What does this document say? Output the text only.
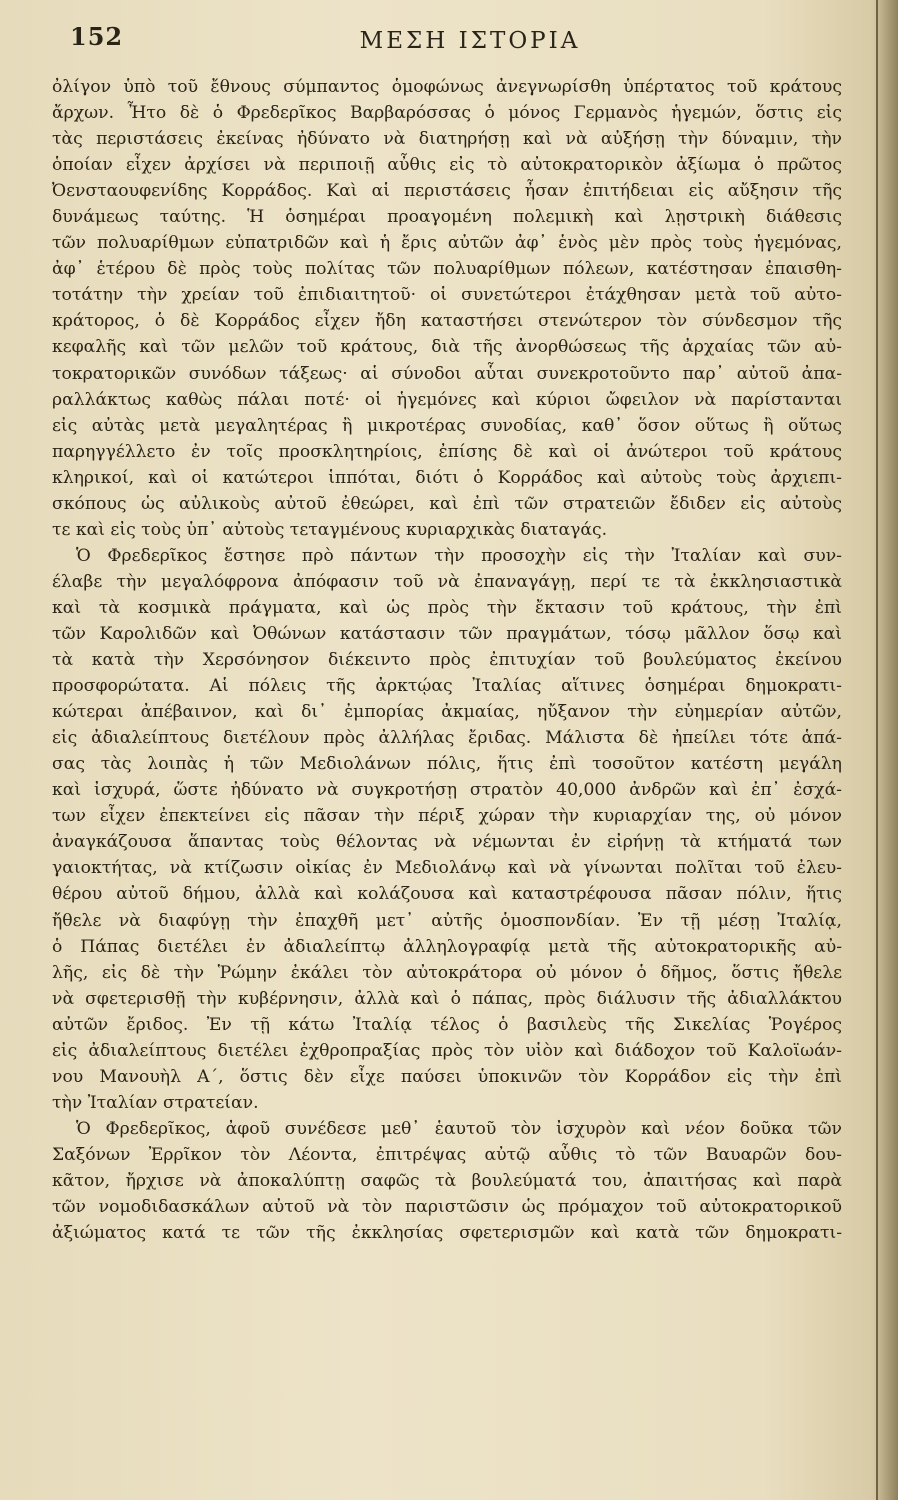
152	ΜΕΣΗ ΙΣΤΟΡΙΑ
ὀλίγον ὑπὸ τοῦ ἔθνους σύμπαντος ὁμοφώνως ἀνεγνωρίσθη ὑπέρτατος τοῦ κράτους
ἄρχων. Ἦτο δὲ ὁ Φρεδερῖκος Βαρβαρόσσας ὁ μόνος Γερμανὸς ἡγεμών, ὅστις εἰς
τὰς περιστάσεις ἐκείνας ἠδύνατο νὰ διατηρήσῃ καὶ νὰ αὐξήσῃ τὴν δύναμιν, τὴν
ὁποίαν εἶχεν ἀρχίσει νὰ περιποιῇ αὖθις εἰς τὸ αὐτοκρατορικὸν ἀξίωμα ὁ πρῶτος
Ὀενσταουφενίδης Κορράδος. Καὶ αἱ περιστάσεις ἦσαν ἐπιτήδειαι εἰς αὔξησιν τῆς
δυνάμεως ταύτης. Ἡ ὁσημέραι προαγομένη πολεμικὴ καὶ λῃστρικὴ διάθεσις
τῶν πολυαρίθμων εὐπατριδῶν καὶ ἡ ἔρις αὐτῶν ἀφ᾽ ἑνὸς μὲν πρὸς τοὺς ἡγεμόνας,
ἀφ᾽ ἑτέρου δὲ πρὸς τοὺς πολίτας τῶν πολυαρίθμων πόλεων, κατέστησαν ἐπαισθη-
τοτάτην τὴν χρείαν τοῦ ἐπιδιαιτητοῦ· οἱ συνετώτεροι ἐτάχθησαν μετὰ τοῦ αὐτο-
κράτορος, ὁ δὲ Κορράδος εἶχεν ἤδη καταστήσει στενώτερον τὸν σύνδεσμον τῆς
κεφαλῆς καὶ τῶν μελῶν τοῦ κράτους, διὰ τῆς ἀνορθώσεως τῆς ἀρχαίας τῶν αὐ-
τοκρατορικῶν συνόδων τάξεως· αἱ σύνοδοι αὗται συνεκροτοῦντο παρ᾽ αὐτοῦ ἀπα-
ραλλάκτως καθὼς πάλαι ποτέ· οἱ ἡγεμόνες καὶ κύριοι ὤφειλον νὰ παρίστανται
εἰς αὐτὰς μετὰ μεγαλητέρας ἢ μικροτέρας συνοδίας, καθ᾽ ὅσον οὕτως ἢ οὕτως
παρηγγέλλετο ἐν τοῖς προσκλητηρίοις, ἐπίσης δὲ καὶ οἱ ἀνώτεροι τοῦ κράτους
κληρικοί, καὶ οἱ κατώτεροι ἱππόται, διότι ὁ Κορράδος καὶ αὐτοὺς τοὺς ἀρχιεπι-
σκόπους ὡς αὐλικοὺς αὐτοῦ ἐθεώρει, καὶ ἐπὶ τῶν στρατειῶν ἔδιδεν εἰς αὐτοὺς
τε καὶ εἰς τοὺς ὑπ᾽ αὐτοὺς τεταγμένους κυριαρχικὰς διαταγάς.
Ὁ Φρεδερῖκος ἔστησε πρὸ πάντων τὴν προσοχὴν εἰς τὴν Ἰταλίαν καὶ συν-
έλαβε τὴν μεγαλόφρονα ἀπόφασιν τοῦ νὰ ἐπαναγάγῃ, περί τε τὰ ἐκκλησιαστικὰ
καὶ τὰ κοσμικὰ πράγματα, καὶ ὡς πρὸς τὴν ἔκτασιν τοῦ κράτους, τὴν ἐπὶ
τῶν Καρολιδῶν καὶ Ὀθώνων κατάστασιν τῶν πραγμάτων, τόσῳ μᾶλλον ὅσῳ καὶ
τὰ κατὰ τὴν Χερσόνησον διέκειντο πρὸς ἐπιτυχίαν τοῦ βουλεύματος ἐκείνου
προσφορώτατα. Αἱ πόλεις τῆς ἀρκτῴας Ἰταλίας αἵτινες ὁσημέραι δημοκρατι-
κώτεραι ἀπέβαινον, καὶ δι᾽ ἐμπορίας ἀκμαίας, ηὔξανον τὴν εὐημερίαν αὐτῶν,
εἰς ἀδιαλείπτους διετέλουν πρὸς ἀλλήλας ἔριδας. Μάλιστα δὲ ἠπείλει τότε ἁπά-
σας τὰς λοιπὰς ἡ τῶν Μεδιολάνων πόλις, ἥτις ἐπὶ τοσοῦτον κατέστη μεγάλη
καὶ ἰσχυρά, ὥστε ἠδύνατο νὰ συγκροτήσῃ στρατὸν 40,000 ἀνδρῶν καὶ ἐπ᾽ ἐσχά-
των εἶχεν ἐπεκτείνει εἰς πᾶσαν τὴν πέριξ χώραν τὴν κυριαρχίαν της, οὐ μόνον
ἀναγκάζουσα ἅπαντας τοὺς θέλοντας νὰ νέμωνται ἐν εἰρήνῃ τὰ κτήματά των
γαιοκτήτας, νὰ κτίζωσιν οἰκίας ἐν Μεδιολάνῳ καὶ νὰ γίνωνται πολῖται τοῦ ἐλευ-
θέρου αὐτοῦ δήμου, ἀλλὰ καὶ κολάζουσα καὶ καταστρέφουσα πᾶσαν πόλιν, ἥτις
ἤθελε νὰ διαφύγῃ τὴν ἐπαχθῆ μετ᾽ αὐτῆς ὁμοσπονδίαν. Ἐν τῇ μέσῃ Ἰταλίᾳ,
ὁ Πάπας διετέλει ἐν ἀδιαλείπτῳ ἀλληλογραφίᾳ μετὰ τῆς αὐτοκρατορικῆς αὐ-
λῆς, εἰς δὲ τὴν Ῥώμην ἐκάλει τὸν αὐτοκράτορα οὐ μόνον ὁ δῆμος, ὅστις ἤθελε
νὰ σφετερισθῇ τὴν κυβέρνησιν, ἀλλὰ καὶ ὁ πάπας, πρὸς διάλυσιν τῆς ἀδιαλλάκτου
αὐτῶν ἔριδος. Ἐν τῇ κάτω Ἰταλίᾳ τέλος ὁ βασιλεὺς τῆς Σικελίας Ῥογέρος
εἰς ἀδιαλείπτους διετέλει ἐχθροπραξίας πρὸς τὸν υἱὸν καὶ διάδοχον τοῦ Καλοϊωάν-
νου Μανουὴλ Α΄, ὅστις δὲν εἶχε παύσει ὑποκινῶν τὸν Κορράδον εἰς τὴν ἐπὶ
τὴν Ἰταλίαν στρατείαν.
Ὁ Φρεδερῖκος, ἀφοῦ συνέδεσε μεθ᾽ ἑαυτοῦ τὸν ἰσχυρὸν καὶ νέον δοῦκα τῶν
Σαξόνων Ἐρρῖκον τὸν Λέοντα, ἐπιτρέψας αὐτῷ αὖθις τὸ τῶν Βαυαρῶν δου-
κᾶτον, ἤρχισε νὰ ἀποκαλύπτῃ σαφῶς τὰ βουλεύματά του, ἀπαιτήσας καὶ παρὰ
τῶν νομοδιδασκάλων αὐτοῦ νὰ τὸν παριστῶσιν ὡς πρόμαχον τοῦ αὐτοκρατορικοῦ
ἀξιώματος κατά τε τῶν τῆς ἐκκλησίας σφετερισμῶν καὶ κατὰ τῶν δημοκρατι-
